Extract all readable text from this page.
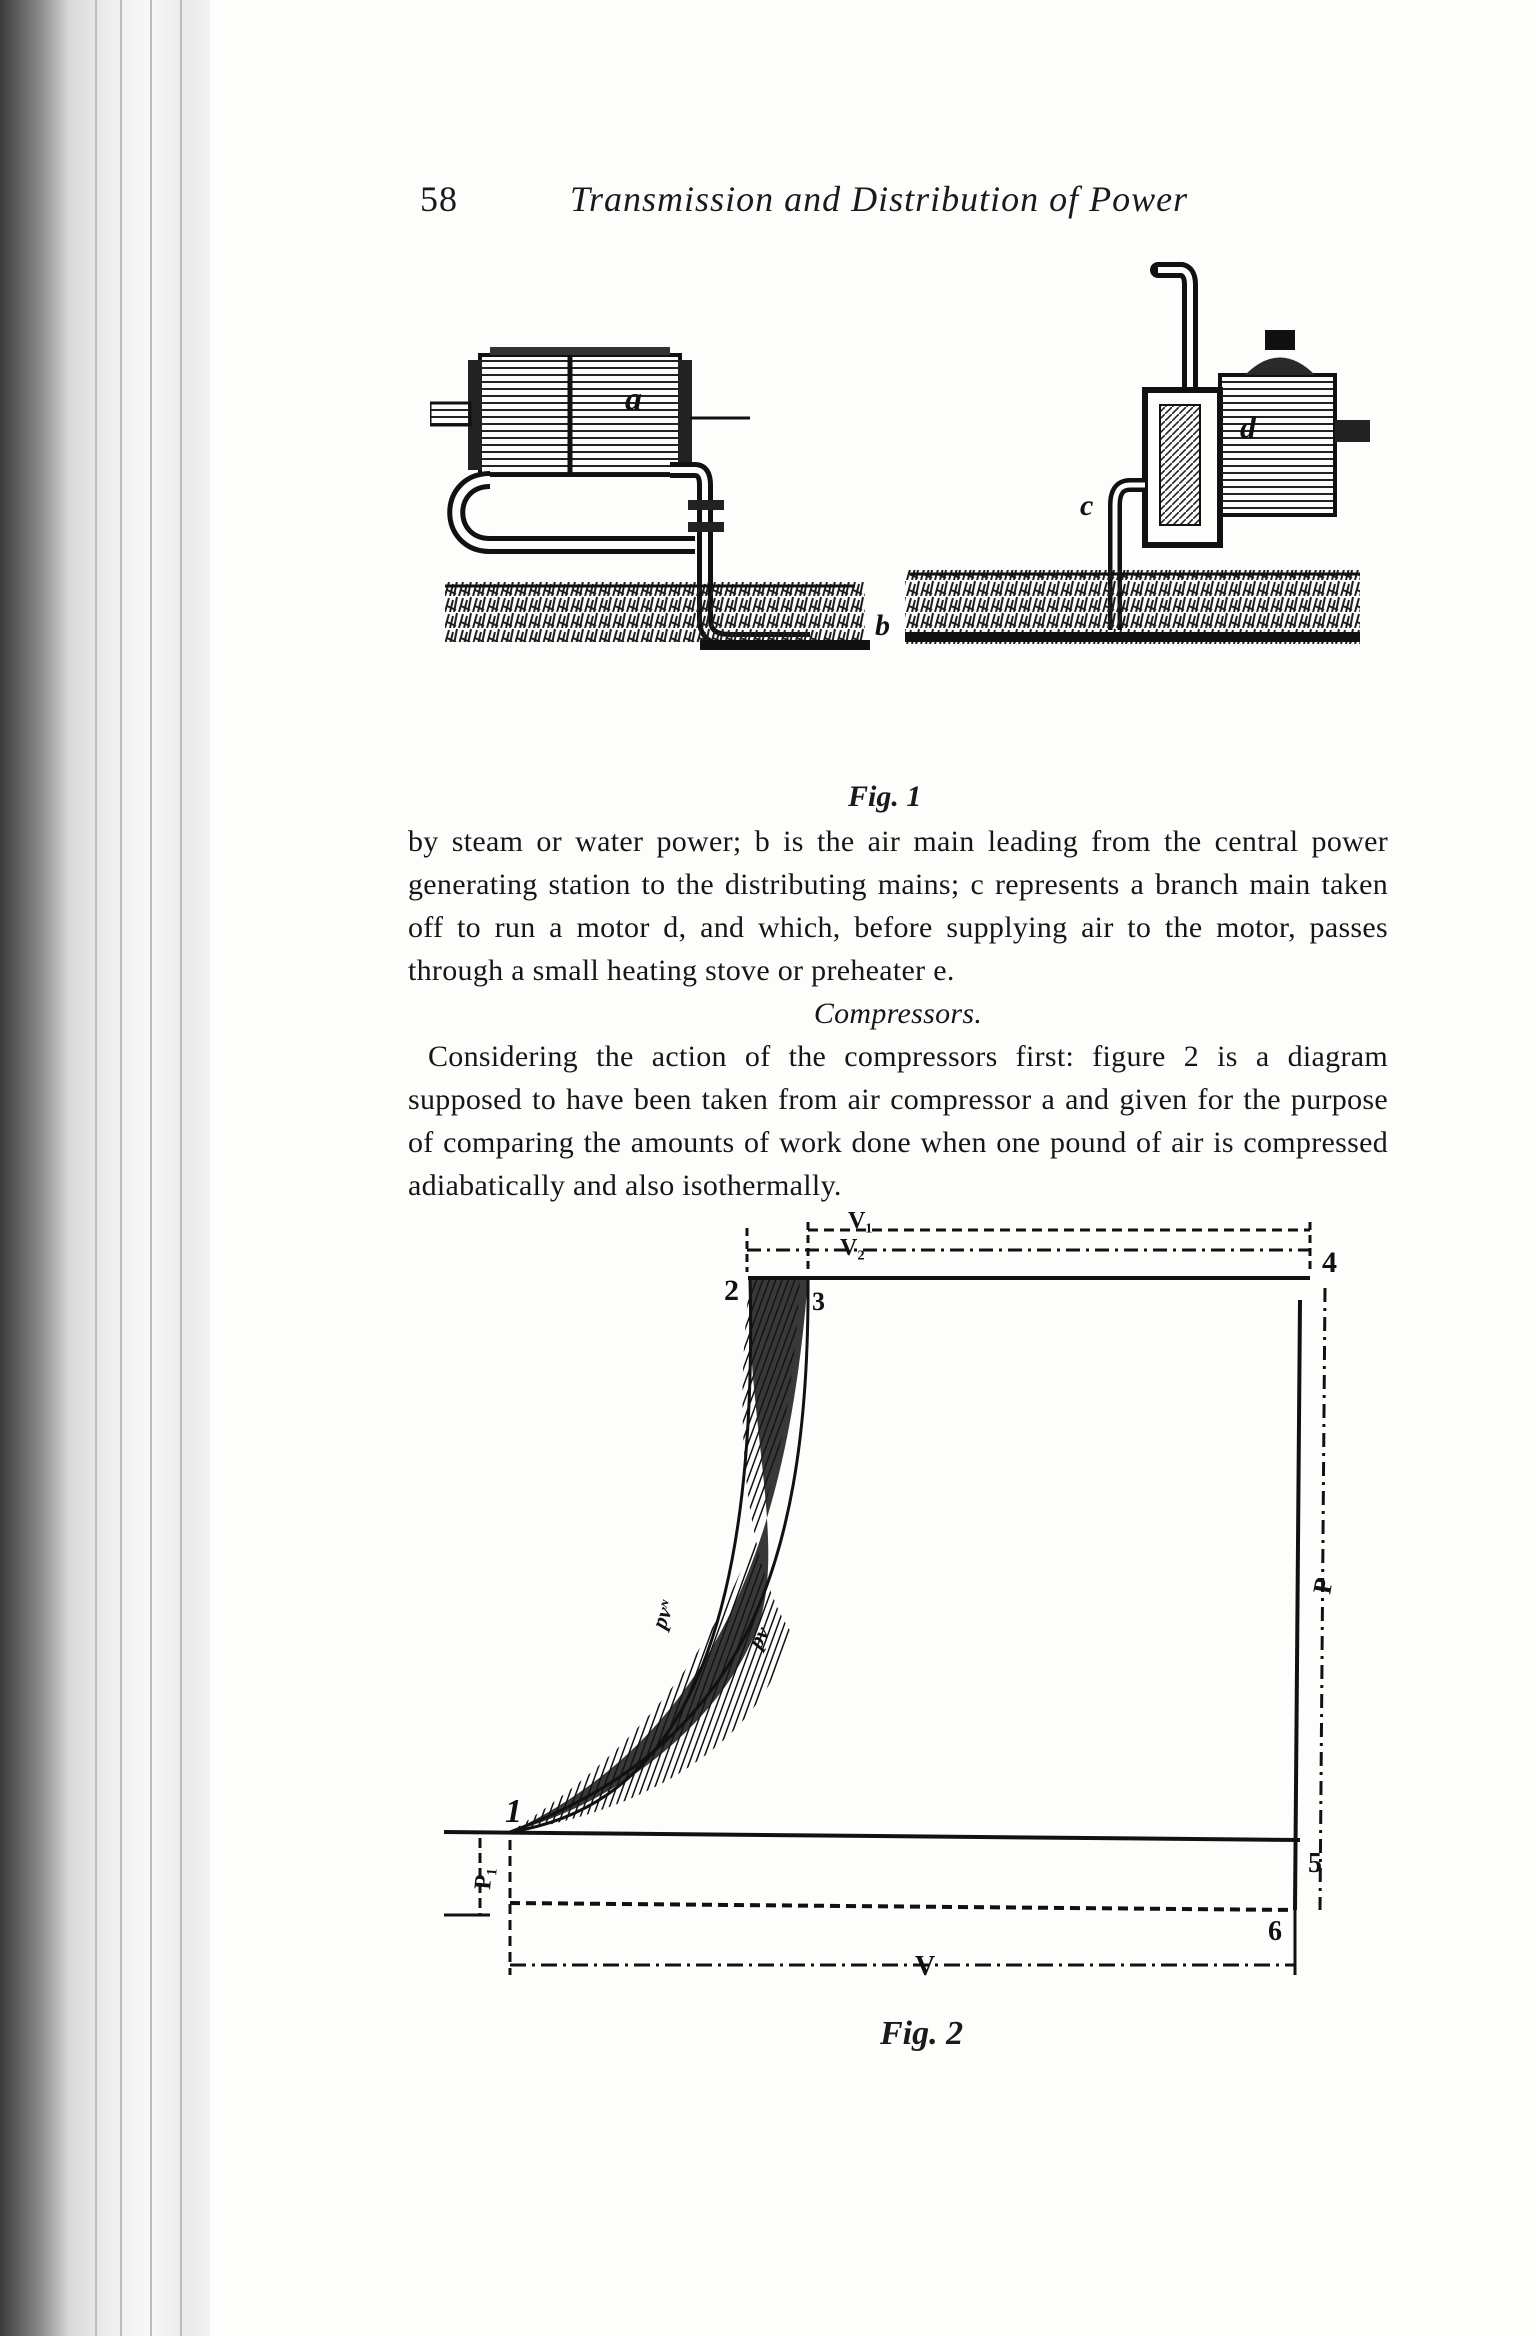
58	Transmission and Distribution of Power
a
b
d
c
Fig. 1

by steam or water power; b is the air main leading from the central power generating station to the distributing mains; c represents a branch main taken off to run a motor d, and which, before supplying air to the motor, passes through a small heating stove or preheater e.

Compressors.

Considering the action of the compressors first: figure 2 is a diagram supposed to have been taken from air compressor a and given for the purpose of comparing the amounts of work done when one pound of air is compressed adiabatically and also isothermally.

1
2	3
4
5
6
pvᶰ
pv
V₁
V₂
V
P
P₁
Fig. 2
